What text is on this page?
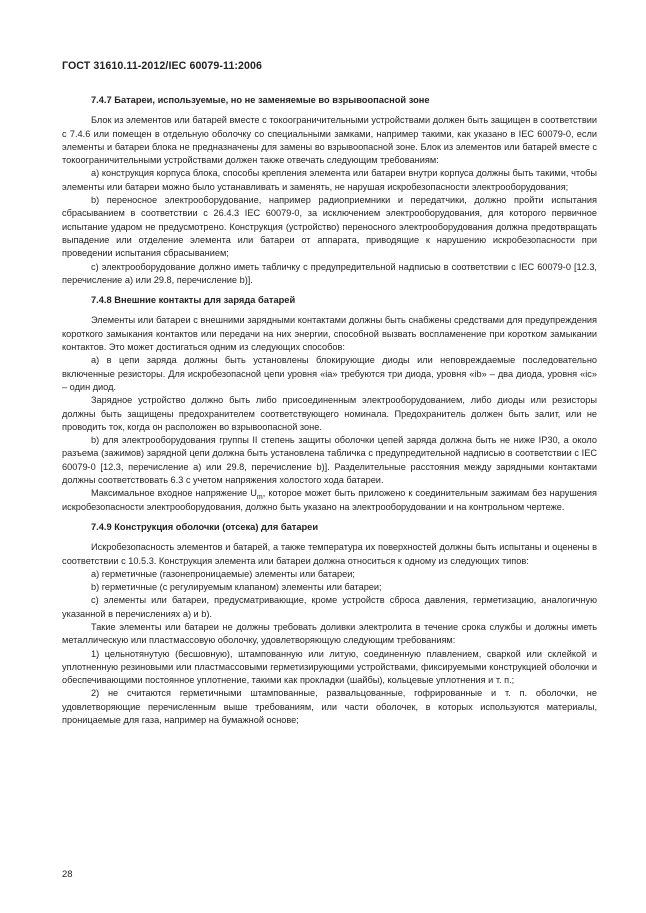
ГОСТ 31610.11-2012/IEC 60079-11:2006
7.4.7 Батареи, используемые, но не заменяемые во взрывоопасной зоне

Блок из элементов или батарей вместе с токоограничительными устройствами должен быть защищен в соответствии с 7.4.6 или помещен в отдельную оболочку со специальными замками, например такими, как указано в IEC 60079-0, если элементы и батареи блока не предназначены для замены во взрывоопасной зоне. Блок из элементов или батарей вместе с токоограничительными устройствами должен также отвечать следующим требованиям:

a) конструкция корпуса блока, способы крепления элемента или батареи внутри корпуса должны быть такими, чтобы элементы или батареи можно было устанавливать и заменять, не нарушая искробезопасности электрооборудования;

b) переносное электрооборудование, например радиоприемники и передатчики, должно пройти испытания сбрасыванием в соответствии с 26.4.3 IEC 60079-0, за исключением электрооборудования, для которого первичное испытание ударом не предусмотрено. Конструкция (устройство) переносного электрооборудования должна предотвращать выпадение или отделение элемента или батареи от аппарата, приводящие к нарушению искробезопасности при проведении испытания сбрасыванием;

c) электрооборудование должно иметь табличку с предупредительной надписью в соответствии с IEC 60079-0 [12.3, перечисление а) или 29.8, перечисление b)].

7.4.8 Внешние контакты для заряда батарей

Элементы или батареи с внешними зарядными контактами должны быть снабжены средствами для предупреждения короткого замыкания контактов или передачи на них энергии, способной вызвать воспламенение при коротком замыкании контактов. Это может достигаться одним из следующих способов:

a) в цепи заряда должны быть установлены блокирующие диоды или неповреждаемые последовательно включенные резисторы. Для искробезопасной цепи уровня «ia» требуются три диода, уровня «ib» – два диода, уровня «ic» – один диод.

Зарядное устройство должно быть либо присоединенным электрооборудованием, либо диоды или резисторы должны быть защищены предохранителем соответствующего номинала. Предохранитель должен быть залит, или не проводить ток, когда он расположен во взрывоопасной зоне.

b) для электрооборудования группы II степень защиты оболочки цепей заряда должна быть не ниже IP30, а около разъема (зажимов) зарядной цепи должна быть установлена табличка с предупредительной надписью в соответствии с IEC 60079-0 [12.3, перечисление а) или 29.8, перечисление b)]. Разделительные расстояния между зарядными контактами должны соответствовать 6.3 с учетом напряжения холостого хода батареи.

Максимальное входное напряжение $U_m$, которое может быть приложено к соединительным зажимам без нарушения искробезопасности электрооборудования, должно быть указано на электрооборудовании и на контрольном чертеже.

7.4.9 Конструкция оболочки (отсека) для батареи

Искробезопасность элементов и батарей, а также температура их поверхностей должны быть испытаны и оценены в соответствии с 10.5.3. Конструкция элемента или батареи должна относиться к одному из следующих типов:

a) герметичные (газонепроницаемые) элементы или батареи;

b) герметичные (с регулируемым клапаном) элементы или батареи;

c) элементы или батареи, предусматривающие, кроме устройств сброса давления, герметизацию, аналогичную указанной в перечислениях а) и b).

Такие элементы или батареи не должны требовать доливки электролита в течение срока службы и должны иметь металлическую или пластмассовую оболочку, удовлетворяющую следующим требованиям:

1) цельнотянутую (бесшовную), штампованную или литую, соединенную плавлением, сваркой или склейкой и уплотненную резиновыми или пластмассовыми герметизирующими устройствами, фиксируемыми конструкцией оболочки и обеспечивающими постоянное уплотнение, такими как прокладки (шайбы), кольцевые уплотнения и т. п.;

2) не считаются герметичными штампованные, развальцованные, гофрированные и т. п. оболочки, не удовлетворяющие перечисленным выше требованиям, или части оболочек, в которых используются материалы, проницаемые для газа, например на бумажной основе;

28
